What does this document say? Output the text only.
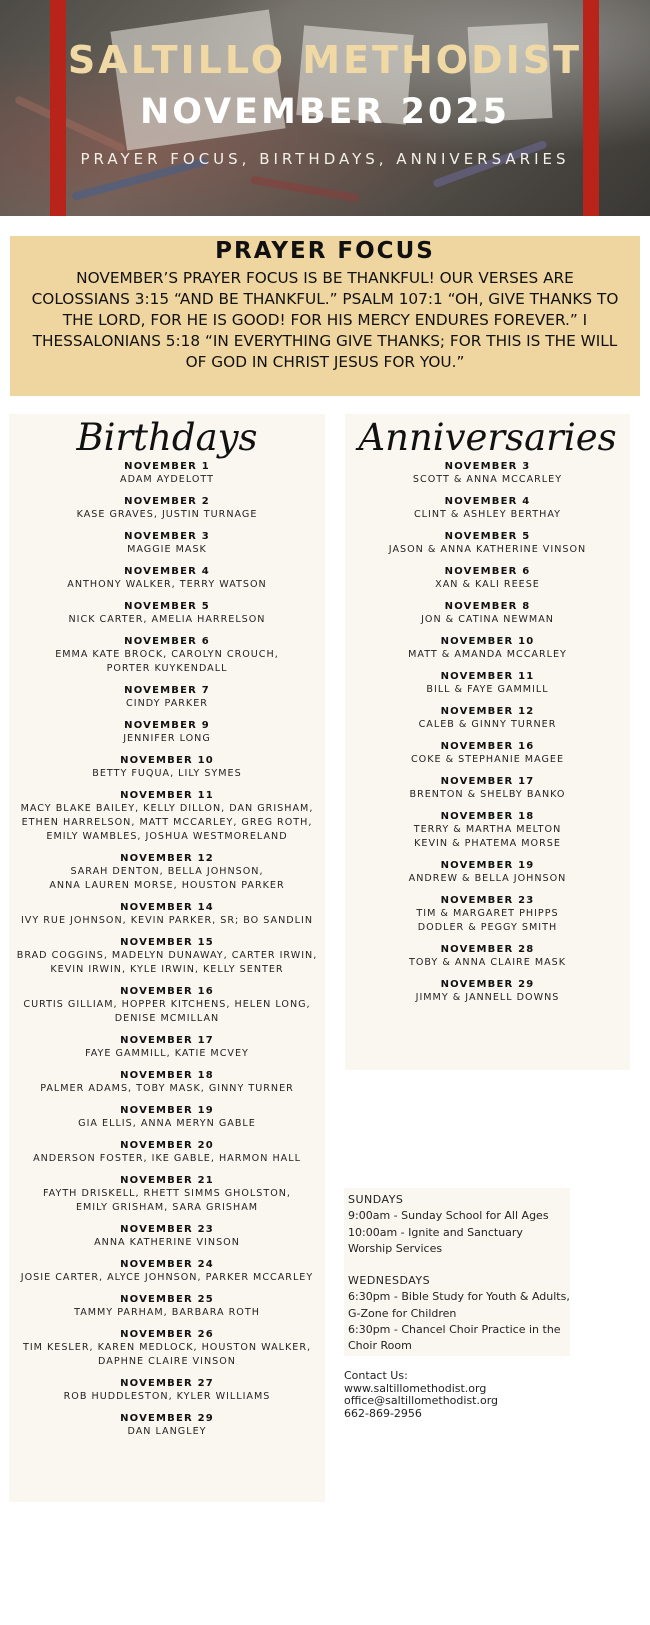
SALTILLO METHODIST
NOVEMBER 2025
PRAYER FOCUS, BIRTHDAYS, ANNIVERSARIES
PRAYER FOCUS
NOVEMBER’S PRAYER FOCUS IS BE THANKFUL! OUR VERSES ARE COLOSSIANS 3:15 “AND BE THANKFUL.” PSALM 107:1 “OH, GIVE THANKS TO THE LORD, FOR HE IS GOOD! FOR HIS MERCY ENDURES FOREVER.” I THESSALONIANS 5:18 “IN EVERYTHING GIVE THANKS; FOR THIS IS THE WILL OF GOD IN CHRIST JESUS FOR YOU.”
Birthdays
NOVEMBER 1
ADAM AYDELOTT
NOVEMBER 2
KASE GRAVES, JUSTIN TURNAGE
NOVEMBER 3
MAGGIE MASK
NOVEMBER 4
ANTHONY WALKER, TERRY WATSON
NOVEMBER 5
NICK CARTER, AMELIA HARRELSON
NOVEMBER 6
EMMA KATE BROCK, CAROLYN CROUCH,
PORTER KUYKENDALL
NOVEMBER 7
CINDY PARKER
NOVEMBER 9
JENNIFER LONG
NOVEMBER 10
BETTY FUQUA, LILY SYMES
NOVEMBER 11
MACY BLAKE BAILEY, KELLY DILLON, DAN GRISHAM,
ETHEN HARRELSON, MATT MCCARLEY, GREG ROTH,
EMILY WAMBLES, JOSHUA WESTMORELAND
NOVEMBER 12
SARAH DENTON, BELLA JOHNSON,
ANNA LAUREN MORSE, HOUSTON PARKER
NOVEMBER 14
IVY RUE JOHNSON, KEVIN PARKER, SR; BO SANDLIN
NOVEMBER 15
BRAD COGGINS, MADELYN DUNAWAY, CARTER IRWIN,
KEVIN IRWIN, KYLE IRWIN, KELLY SENTER
NOVEMBER 16
CURTIS GILLIAM, HOPPER KITCHENS, HELEN LONG,
DENISE MCMILLAN
NOVEMBER 17
FAYE GAMMILL, KATIE MCVEY
NOVEMBER 18
PALMER ADAMS, TOBY MASK, GINNY TURNER
NOVEMBER 19
GIA ELLIS, ANNA MERYN GABLE
NOVEMBER 20
ANDERSON FOSTER, IKE GABLE, HARMON HALL
NOVEMBER 21
FAYTH DRISKELL, RHETT SIMMS GHOLSTON,
EMILY GRISHAM, SARA GRISHAM
NOVEMBER 23
ANNA KATHERINE VINSON
NOVEMBER 24
JOSIE CARTER, ALYCE JOHNSON, PARKER MCCARLEY
NOVEMBER 25
TAMMY PARHAM, BARBARA ROTH
NOVEMBER 26
TIM KESLER, KAREN MEDLOCK, HOUSTON WALKER,
DAPHNE CLAIRE VINSON
NOVEMBER 27
ROB HUDDLESTON, KYLER WILLIAMS
NOVEMBER 29
DAN LANGLEY
Anniversaries
NOVEMBER 3
SCOTT & ANNA MCCARLEY
NOVEMBER 4
CLINT & ASHLEY BERTHAY
NOVEMBER 5
JASON & ANNA KATHERINE VINSON
NOVEMBER 6
XAN & KALI REESE
NOVEMBER 8
JON & CATINA NEWMAN
NOVEMBER 10
MATT & AMANDA MCCARLEY
NOVEMBER 11
BILL & FAYE GAMMILL
NOVEMBER 12
CALEB & GINNY TURNER
NOVEMBER 16
COKE & STEPHANIE MAGEE
NOVEMBER 17
BRENTON & SHELBY BANKO
NOVEMBER 18
TERRY & MARTHA MELTON
KEVIN & PHATEMA MORSE
NOVEMBER 19
ANDREW & BELLA JOHNSON
NOVEMBER 23
TIM & MARGARET PHIPPS
DODLER & PEGGY SMITH
NOVEMBER 28
TOBY & ANNA CLAIRE MASK
NOVEMBER 29
JIMMY & JANNELL DOWNS
SUNDAYS
9:00am - Sunday School for All Ages
10:00am - Ignite and Sanctuary Worship Services
WEDNESDAYS
6:30pm - Bible Study for Youth & Adults, G-Zone for Children
6:30pm - Chancel Choir Practice in the Choir Room
Contact Us:
www.saltillomethodist.org
office@saltillomethodist.org
662-869-2956
